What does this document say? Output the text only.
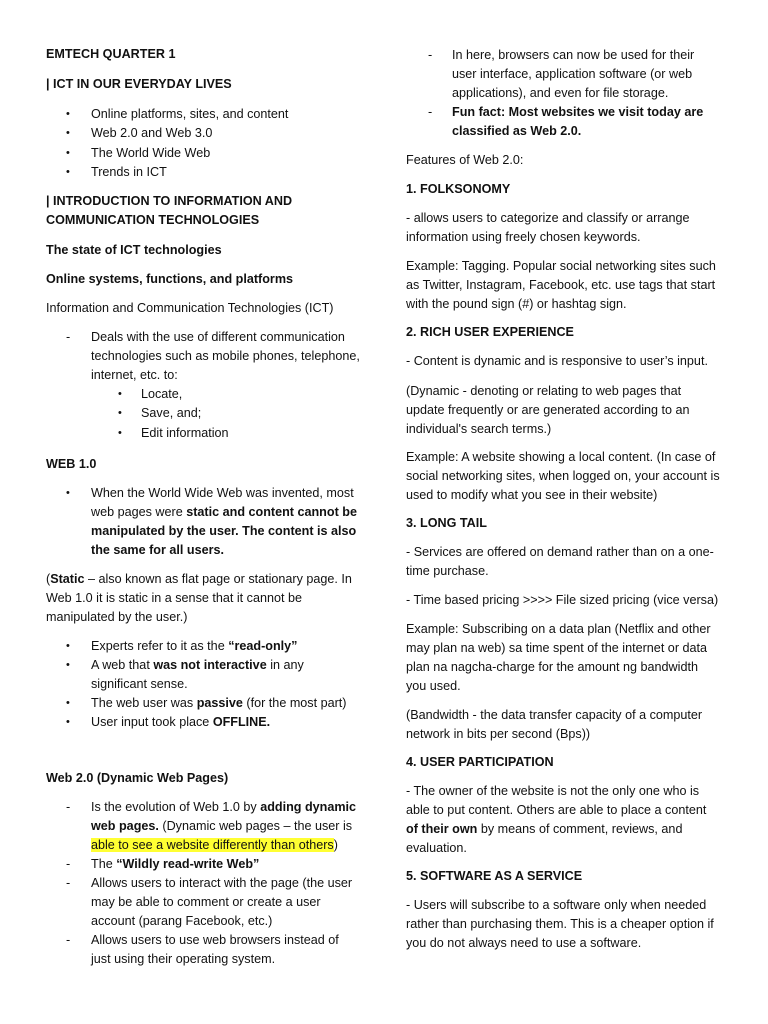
EMTECH QUARTER 1
| ICT IN OUR EVERYDAY LIVES
• Online platforms, sites, and content
• Web 2.0 and Web 3.0
• The World Wide Web
• Trends in ICT
| INTRODUCTION TO INFORMATION AND
COMMUNICATION TECHNOLOGIES
The state of ICT technologies
Online systems, functions, and platforms
Information and Communication Technologies (ICT)
- Deals with the use of different communication
technologies such as mobile phones, telephone,
internet, etc. to:
• Locate,
• Save, and;
• Edit information
WEB 1.0
• When the World Wide Web was invented, most
web pages were static and content cannot be
manipulated by the user. The content is also
the same for all users.
(Static – also known as flat page or stationary page. In
Web 1.0 it is static in a sense that it cannot be
manipulated by the user.)
• Experts refer to it as the “read-only”
• A web that was not interactive in any
significant sense.
• The web user was passive (for the most part)
• User input took place OFFLINE.
Web 2.0 (Dynamic Web Pages)
- Is the evolution of Web 1.0 by adding dynamic
web pages. (Dynamic web pages – the user is
able to see a website differently than others)
- The “Wildly read-write Web”
- Allows users to interact with the page (the user
may be able to comment or create a user
account (parang Facebook, etc.)
- Allows users to use web browsers instead of
just using their operating system.
- In here, browsers can now be used for their
user interface, application software (or web
applications), and even for file storage.
- Fun fact: Most websites we visit today are
classified as Web 2.0.
Features of Web 2.0:
1. FOLKSONOMY
- allows users to categorize and classify or arrange
information using freely chosen keywords.
Example: Tagging. Popular social networking sites such
as Twitter, Instagram, Facebook, etc. use tags that start
with the pound sign (#) or hashtag sign.
2. RICH USER EXPERIENCE
- Content is dynamic and is responsive to user’s input.
(Dynamic - denoting or relating to web pages that
update frequently or are generated according to an
individual's search terms.)
Example: A website showing a local content. (In case of
social networking sites, when logged on, your account is
used to modify what you see in their website)
3. LONG TAIL
- Services are offered on demand rather than on a one-
time purchase.
- Time based pricing >>>> File sized pricing (vice versa)
Example: Subscribing on a data plan (Netflix and other
may plan na web) sa time spent of the internet or data
plan na nagcha-charge for the amount ng bandwidth
you used.
(Bandwidth - the data transfer capacity of a computer
network in bits per second (Bps))
4. USER PARTICIPATION
- The owner of the website is not the only one who is
able to put content. Others are able to place a content
of their own by means of comment, reviews, and
evaluation.
5. SOFTWARE AS A SERVICE
- Users will subscribe to a software only when needed
rather than purchasing them. This is a cheaper option if
you do not always need to use a software.
